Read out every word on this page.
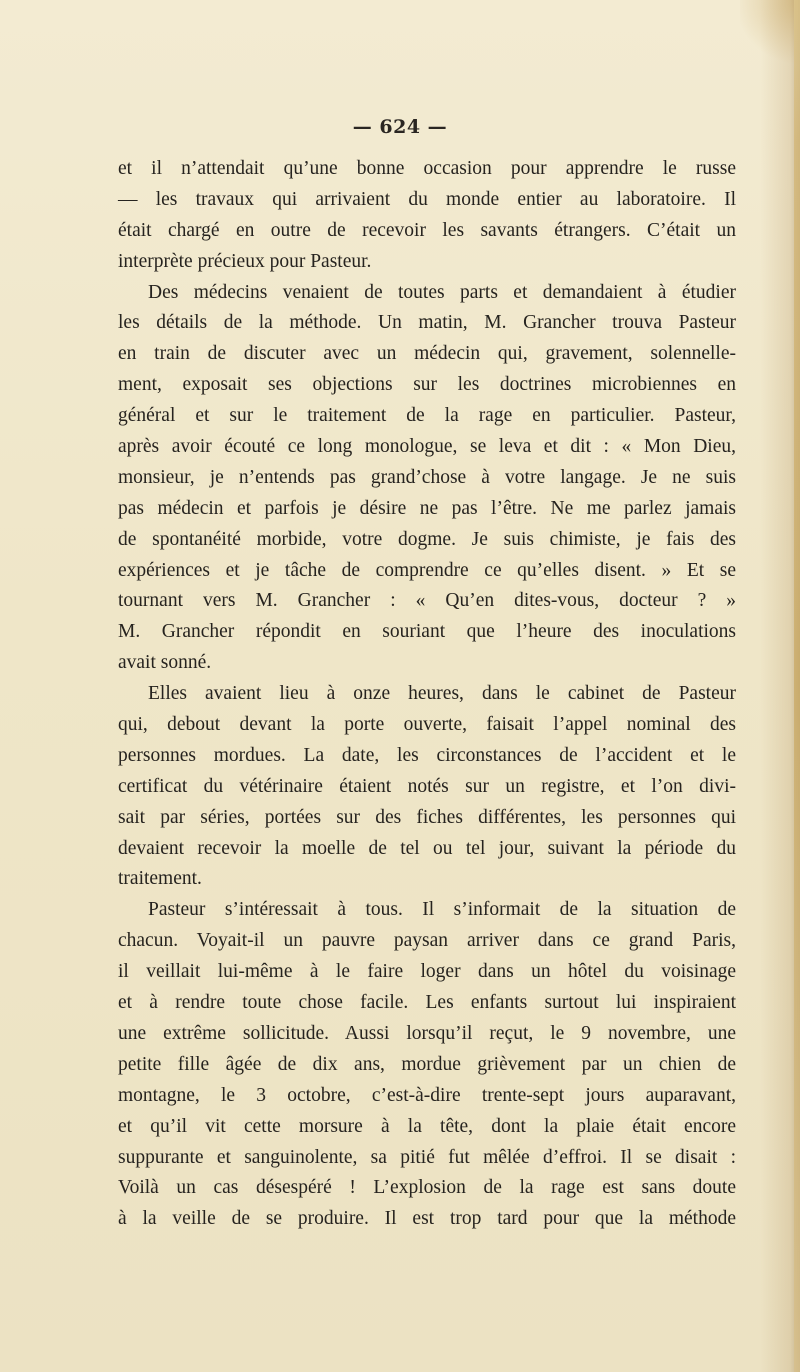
— 624 —
et il n’attendait qu’une bonne occasion pour apprendre le russe
— les travaux qui arrivaient du monde entier au laboratoire. Il
était chargé en outre de recevoir les savants étrangers. C’était un
interprète précieux pour Pasteur.
Des médecins venaient de toutes parts et demandaient à étudier
les détails de la méthode. Un matin, M. Grancher trouva Pasteur
en train de discuter avec un médecin qui, gravement, solennelle-
ment, exposait ses objections sur les doctrines microbiennes en
général et sur le traitement de la rage en particulier. Pasteur,
après avoir écouté ce long monologue, se leva et dit : « Mon Dieu,
monsieur, je n’entends pas grand’chose à votre langage. Je ne suis
pas médecin et parfois je désire ne pas l’être. Ne me parlez jamais
de spontanéité morbide, votre dogme. Je suis chimiste, je fais des
expériences et je tâche de comprendre ce qu’elles disent. » Et se
tournant vers M. Grancher : « Qu’en dites-vous, docteur ? »
M. Grancher répondit en souriant que l’heure des inoculations
avait sonné.
Elles avaient lieu à onze heures, dans le cabinet de Pasteur
qui, debout devant la porte ouverte, faisait l’appel nominal des
personnes mordues. La date, les circonstances de l’accident et le
certificat du vétérinaire étaient notés sur un registre, et l’on divi-
sait par séries, portées sur des fiches différentes, les personnes qui
devaient recevoir la moelle de tel ou tel jour, suivant la période du
traitement.
Pasteur s’intéressait à tous. Il s’informait de la situation de
chacun. Voyait-il un pauvre paysan arriver dans ce grand Paris,
il veillait lui-même à le faire loger dans un hôtel du voisinage
et à rendre toute chose facile. Les enfants surtout lui inspiraient
une extrême sollicitude. Aussi lorsqu’il reçut, le 9 novembre, une
petite fille âgée de dix ans, mordue grièvement par un chien de
montagne, le 3 octobre, c’est-à-dire trente-sept jours auparavant,
et qu’il vit cette morsure à la tête, dont la plaie était encore
suppurante et sanguinolente, sa pitié fut mêlée d’effroi. Il se disait :
Voilà un cas désespéré ! L’explosion de la rage est sans doute
à la veille de se produire. Il est trop tard pour que la méthode
